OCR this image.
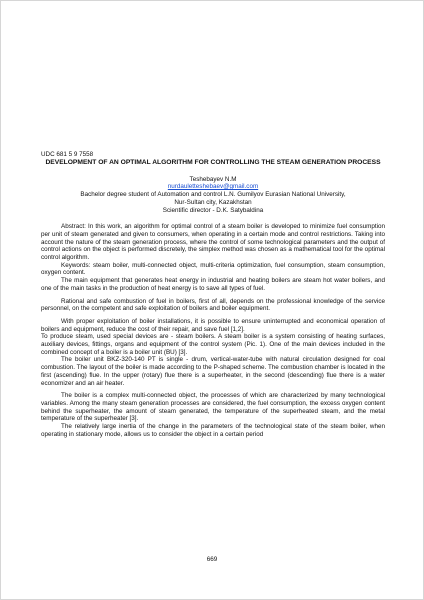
UDC 681 5 9 7558

DEVELOPMENT OF AN OPTIMAL ALGORITHM FOR CONTROLLING THE STEAM GENERATION PROCESS

Teshebayev N.M

nurdauletteshebaev@gmail.com

Bachelor degree student of Automation and control L.N. Gumilyov Eurasian National University,

Nur-Sultan city, Kazakhstan

Scientific director - D.K. Satybaldina

Abstract: In this work, an algorithm for optimal control of a steam boiler is developed to minimize fuel consumption per unit of steam generated and given to consumers, when operating in a certain mode and control restrictions. Taking into account the nature of the steam generation process, where the control of some technological parameters and the output of control actions on the object is performed discretely, the simplex method was chosen as a mathematical tool for the optimal control algorithm.

Keywords: steam boiler, multi-connected object, multi-criteria optimization, fuel consumption, steam consumption, oxygen content.

The main equipment that generates heat energy in industrial and heating boilers are steam hot water boilers, and one of the main tasks in the production of heat energy is to save all types of fuel.

Rational and safe combustion of fuel in boilers, first of all, depends on the professional knowledge of the service personnel, on the competent and safe exploitation of boilers and boiler equipment.

With proper exploitation of boiler installations, it is possible to ensure uninterrupted and economical operation of boilers and equipment, reduce the cost of their repair, and save fuel [1,2].

To produce steam, used special devices are - steam boilers. A steam boiler is a system consisting of heating surfaces, auxiliary devices, fittings, organs and equipment of the control system (Pic. 1). One of the main devices included in the combined concept of a boiler is a boiler unit (BU) [3].

The boiler unit BKZ-320-140 PT is single - drum, vertical-water-tube with natural circulation designed for coal combustion. The layout of the boiler is made according to the P-shaped scheme. The combustion chamber is located in the first (ascending) flue. In the upper (rotary) flue there is a superheater, in the second (descending) flue there is a water economizer and an air heater.

The boiler is a complex multi-connected object, the processes of which are characterized by many technological variables. Among the many steam generation processes are considered, the fuel consumption, the excess oxygen content behind the superheater, the amount of steam generated, the temperature of the superheated steam, and the metal temperature of the superheater [3].

The relatively large inertia of the change in the parameters of the technological state of the steam boiler, when operating in stationary mode, allows us to consider the object in a certain period

669
